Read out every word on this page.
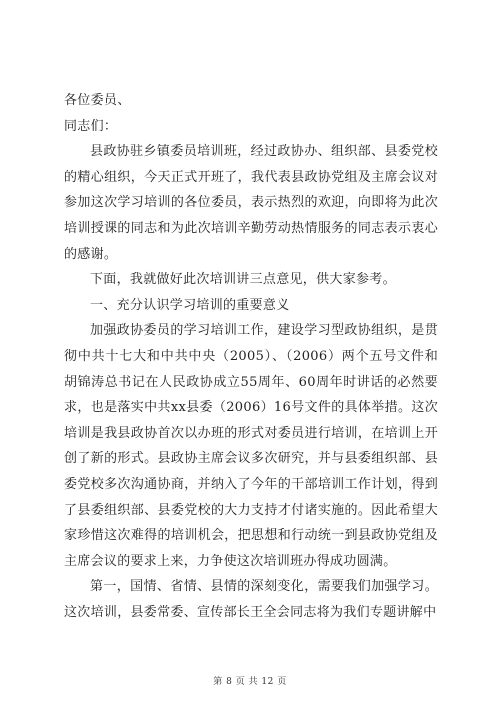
各位委员、

同志们：

县政协驻乡镇委员培训班，经过政协办、组织部、县委党校的精心组织，今天正式开班了，我代表县政协党组及主席会议对参加这次学习培训的各位委员，表示热烈的欢迎，向即将为此次培训授课的同志和为此次培训辛勤劳动热情服务的同志表示衷心的感谢。

下面，我就做好此次培训讲三点意见，供大家参考。

一、充分认识学习培训的重要意义

加强政协委员的学习培训工作，建设学习型政协组织，是贯彻中共十七大和中共中央（2005）、（2006）两个五号文件和胡锦涛总书记在人民政协成立55周年、60周年时讲话的必然要求，也是落实中共xx县委（2006）16号文件的具体举措。这次培训是我县政协首次以办班的形式对委员进行培训，在培训上开创了新的形式。县政协主席会议多次研究，并与县委组织部、县委党校多次沟通协商，并纳入了今年的干部培训工作计划，得到了县委组织部、县委党校的大力支持才付诸实施的。因此希望大家珍惜这次难得的培训机会，把思想和行动统一到县政协党组及主席会议的要求上来，力争使这次培训班办得成功圆满。

第一，国情、省情、县情的深刻变化，需要我们加强学习。这次培训，县委常委、宣传部长王全会同志将为我们专题讲解中

第 8 页 共 12 页
